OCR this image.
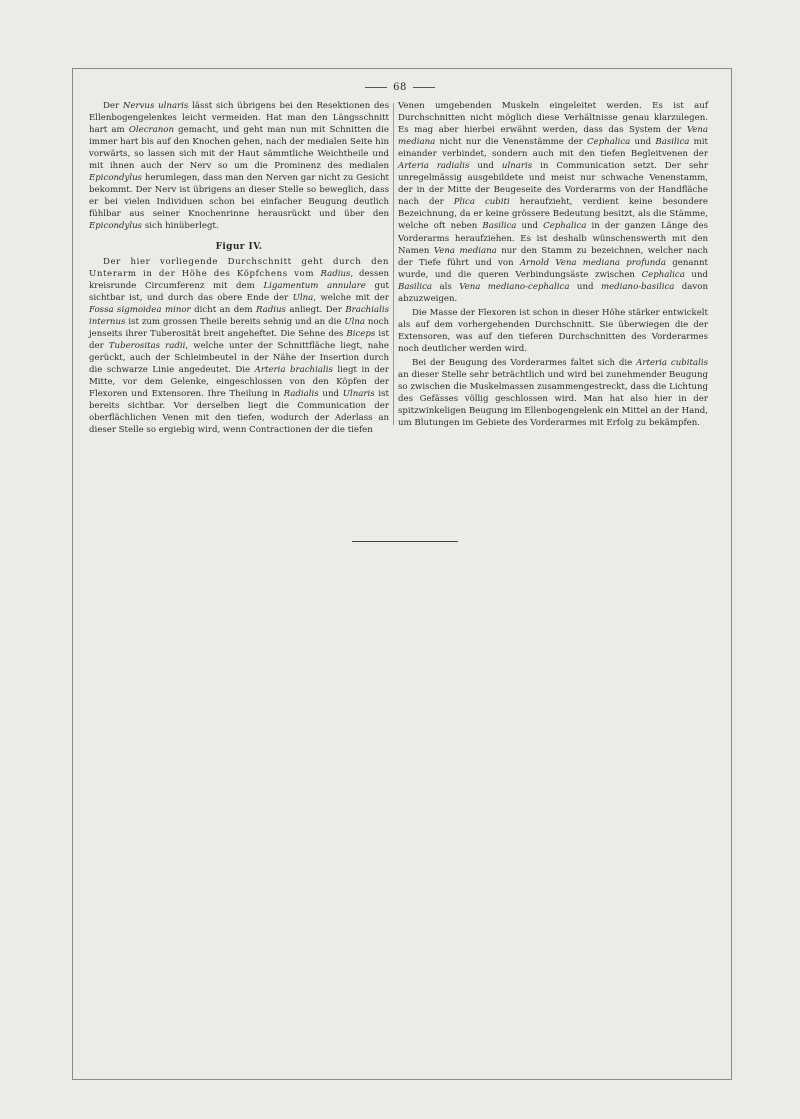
68

Der Nervus ulnaris lässt sich übrigens bei den Resektionen des Ellenbogengelenkes leicht vermeiden. Hat man den Längsschnitt hart am Olecranon gemacht, und geht man nun mit Schnitten die immer hart bis auf den Knochen gehen, nach der medialen Seite hin vorwärts, so lassen sich mit der Haut sämmtliche Weichtheile und mit ihnen auch der Nerv so um die Prominenz des medialen Epicondylus herumlegen, dass man den Nerven gar nicht zu Gesicht bekommt. Der Nerv ist übrigens an dieser Stelle so beweglich, dass er bei vielen Individuen schon bei einfacher Beugung deutlich fühlbar aus seiner Knochenrinne herausrückt und über den Epicondylus sich hinüberlegt.

Figur IV.

Der hier vorliegende Durchschnitt geht durch den Unterarm in der Höhe des Köpfchens vom Radius, dessen kreisrunde Circumferenz mit dem Ligamentum annulare gut sichtbar ist, und durch das obere Ende der Ulna, welche mit der Fossa sigmoidea minor dicht an dem Radius anliegt. Der Brachialis internus ist zum grossen Theile bereits sehnig und an die Ulna noch jenseits ihrer Tuberosität breit angeheftet. Die Sehne des Biceps ist der Tuberositas radii, welche unter der Schnittfläche liegt, nahe gerückt, auch der Schleimbeutel in der Nähe der Insertion durch die schwarze Linie angedeutet. Die Arteria brachialis liegt in der Mitte, vor dem Gelenke, eingeschlossen von den Köpfen der Flexoren und Extensoren. Ihre Theilung in Radialis und Ulnaris ist bereits sichtbar. Vor derselben liegt die Communication der oberflächlichen Venen mit den tiefen, wodurch der Aderlass an dieser Stelle so ergiebig wird, wenn Contractionen der die tiefen

Venen umgebenden Muskeln eingeleitet werden. Es ist auf Durchschnitten nicht möglich diese Verhältnisse genau klarzulegen. Es mag aber hierbei erwähnt werden, dass das System der Vena mediana nicht nur die Venenstämme der Cephalica und Basilica mit einander verbindet, sondern auch mit den tiefen Begleitvenen der Arteria radialis und ulnaris in Communication setzt. Der sehr unregelmässig ausgebildete und meist nur schwache Venenstamm, der in der Mitte der Beugeseite des Vorderarms von der Handfläche nach der Plica cubiti heraufzieht, verdient keine besondere Bezeichnung, da er keine grössere Bedeutung besitzt, als die Stämme, welche oft neben Basilica und Cephalica in der ganzen Länge des Vorderarms heraufziehen. Es ist deshalb wünschenswerth mit den Namen Vena mediana nur den Stamm zu bezeichnen, welcher nach der Tiefe führt und von Arnold Vena mediana profunda genannt wurde, und die queren Verbindungsäste zwischen Cephalica und Basilica als Vena mediano-cephalica und mediano-basilica davon abzuzweigen.

Die Masse der Flexoren ist schon in dieser Höhe stärker entwickelt als auf dem vorhergehenden Durchschnitt. Sie überwiegen die der Extensoren, was auf den tieferen Durchschnitten des Vorderarmes noch deutlicher werden wird.

Bei der Beugung des Vorderarmes faltet sich die Arteria cubitalis an dieser Stelle sehr beträchtlich und wird bei zunehmender Beugung so zwischen die Muskelmassen zusammengestreckt, dass die Lichtung des Gefässes völlig geschlossen wird. Man hat also hier in der spitzwinkeligen Beugung im Ellenbogengelenk ein Mittel an der Hand, um Blutungen im Gebiete des Vorderarmes mit Erfolg zu bekämpfen.
